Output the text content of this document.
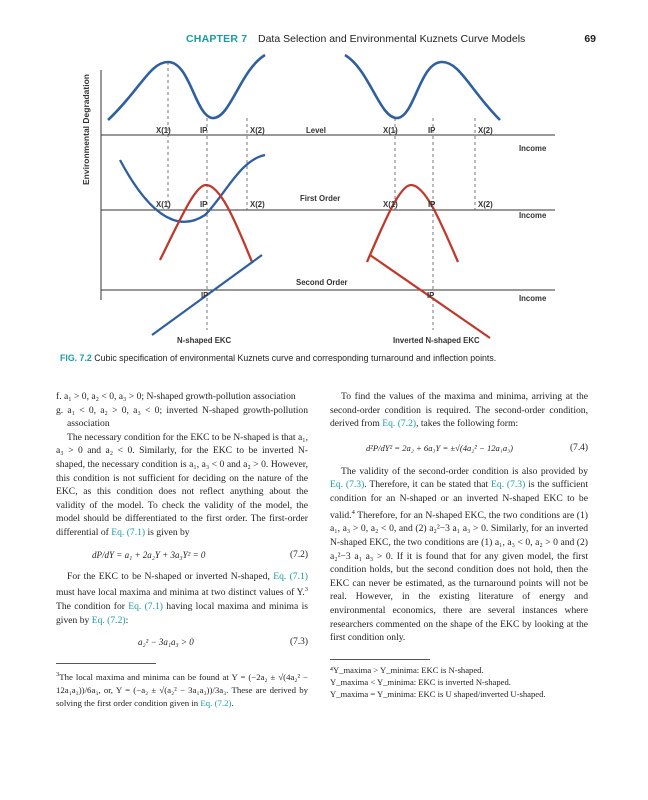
CHAPTER 7 Data Selection and Environmental Kuznets Curve Models	69
Environmental Degradation	X(1)	IP	X(2)	X(1)	IP	X(2)
X(1)	IP	X(2)	X(1)	IP	X(2)
IP	IP
Level
First Order
Second Order
Income
Income
Income
N-shaped EKC	Inverted N-shaped EKC
FIG. 7.2 Cubic specification of environmental Kuznets curve and corresponding turnaround and inflection points.

f. a₁ > 0, a₂ < 0, a₃ > 0; N-shaped growth-pollution association

g. a₁ < 0, a₂ > 0, a₃ < 0; inverted N-shaped growth-pollution association

The necessary condition for the EKC to be N-shaped is that a₁, a₃ > 0 and a₂ < 0. Similarly, for the EKC to be inverted N-shaped, the necessary condition is a₁, a₃ < 0 and a₂ > 0. However, this condition is not sufficient for deciding on the nature of the EKC, as this condition does not reflect anything about the validity of the model. To check the validity of the model, the model should be differentiated to the first order. The first-order differential of Eq. (7.1) is given by

dP/dY = a₁ + 2a₂Y + 3a₃Y² = 0	(7.2)

For the EKC to be N-shaped or inverted N-shaped, Eq. (7.1) must have local maxima and minima at two distinct values of Y.$^3$ The condition for Eq. (7.1) having local maxima and minima is given by Eq. (7.2):

a₂² − 3a₁a₃ > 0	(7.3)

$^3$The local maxima and minima can be found at Y = (−2a₂ ± √(4a₂² − 12a₁a₃))/6a₃, or, Y = (−a₂ ± √(a₂² − 3a₁a₃))/3a₃. These are derived by solving the first order condition given in Eq. (7.2).

To find the values of the maxima and minima, arriving at the second-order condition is required. The second-order condition, derived from Eq. (7.2), takes the following form:

d²P/dY² = 2a₂ + 6a₃Y = ±√(4a₂² − 12a₁a₃)	(7.4)

The validity of the second-order condition is also provided by Eq. (7.3). Therefore, it can be stated that Eq. (7.3) is the sufficient condition for an N-shaped or an inverted N-shaped EKC to be valid.$^4$ Therefore, for an N-shaped EKC, the two conditions are (1) a₁, a₃ > 0, a₂ < 0, and (2) a₂²−3 a₁ a₃ > 0. Similarly, for an inverted N-shaped EKC, the two conditions are (1) a₁, a₃ < 0, a₂ > 0 and (2) a₂²−3 a₁ a₃ > 0. If it is found that for any given model, the first condition holds, but the second condition does not hold, then the EKC can never be estimated, as the turnaround points will not be real. However, in the existing literature of energy and environmental economics, there are several instances where researchers commented on the shape of the EKC by looking at the first condition only.

⁴Y_maxima > Y_minima: EKC is N-shaped.
Y_maxima < Y_minima: EKC is inverted N-shaped.
Y_maxima = Y_minima: EKC is U shaped/inverted U-shaped.
